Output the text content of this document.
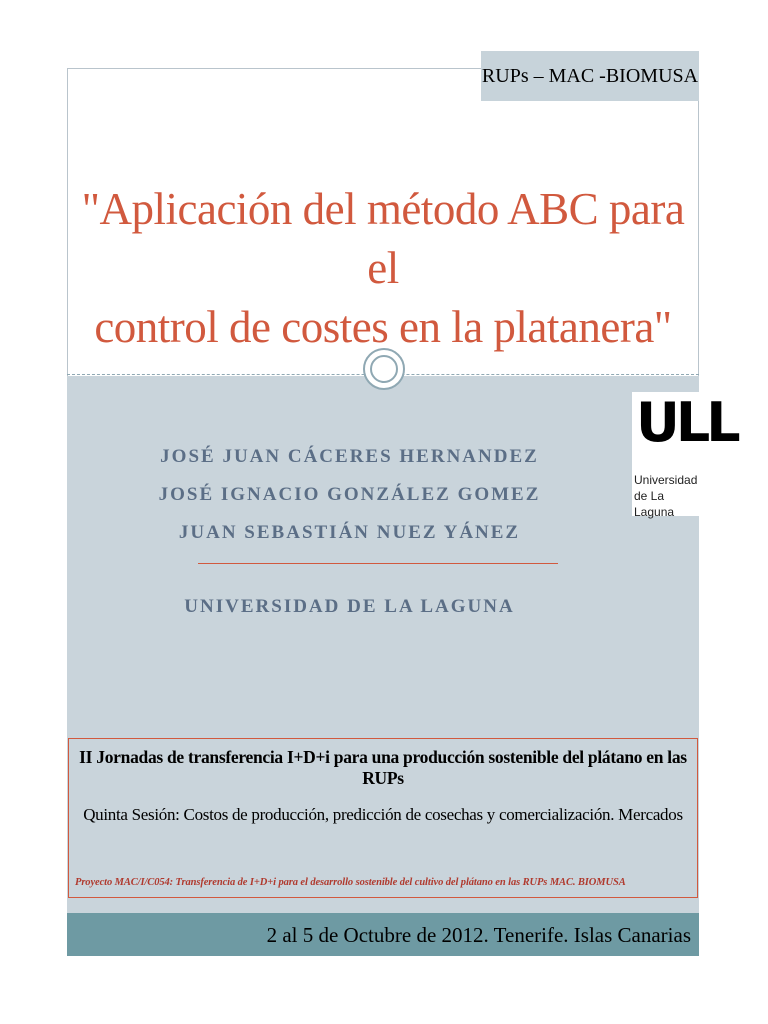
RUPs – MAC -BIOMUSA
"Aplicación del método ABC para el
control de costes en la platanera"
ULL
Universidad
de La Laguna
JOSÉ JUAN CÁCERES HERNANDEZ
JOSÉ IGNACIO GONZÁLEZ GOMEZ
JUAN SEBASTIÁN NUEZ YÁNEZ
UNIVERSIDAD DE LA LAGUNA
II Jornadas de transferencia I+D+i para una producción sostenible del plátano en las RUPs
Quinta Sesión: Costos de producción, predicción de cosechas y comercialización. Mercados
Proyecto MAC/I/C054: Transferencia de I+D+i para el desarrollo sostenible del cultivo del plátano en las RUPs MAC. BIOMUSA
2 al 5 de Octubre de 2012. Tenerife. Islas Canarias
